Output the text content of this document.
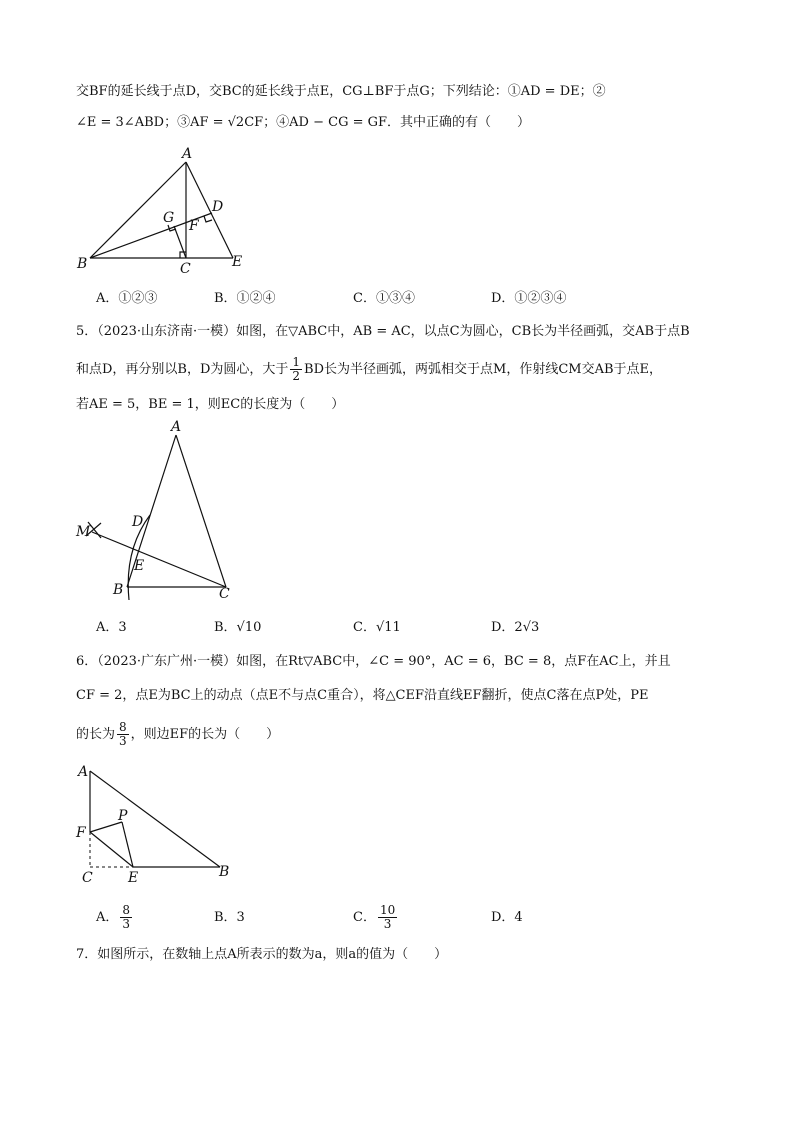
交BF的延长线于点D，交BC的延长线于点E，CG⊥BF于点G；下列结论：①AD = DE；②
∠E = 3∠ABD；③AF = √2CF；④AD − CG = GF．其中正确的有（　　）
A
B	C
D
E
F
G
A．①②③	B．①②④	C．①③④	D．①②③④
5．（2023·山东济南·一模）如图，在▽ABC中，AB = AC，以点C为圆心，CB长为半径画弧，交AB于点B
和点D，再分别以B，D为圆心，大于 $\frac{1}{2}$ BD长为半径画弧，两弧相交于点M，作射线CM交AB于点E，
若AE = 5，BE = 1，则EC的长度为（　　）
A
B	C
D
E
M
A．3	B．√10	C．√11	D．2√3
6．（2023·广东广州·一模）如图，在Rt▽ABC中，∠C = 90°，AC = 6，BC = 8，点F在AC上，并且
CF = 2，点E为BC上的动点（点E不与点C重合），将△CEF沿直线EF翻折，使点C落在点P处，PE
的长为 $\frac{8}{3}$ ，则边EF的长为（　　）
A
B
C	E
F
P
A． $\frac{8}{3}$	B．3	C． $\frac{10}{3}$	D．4
7．如图所示，在数轴上点A所表示的数为a，则a的值为（　　）
